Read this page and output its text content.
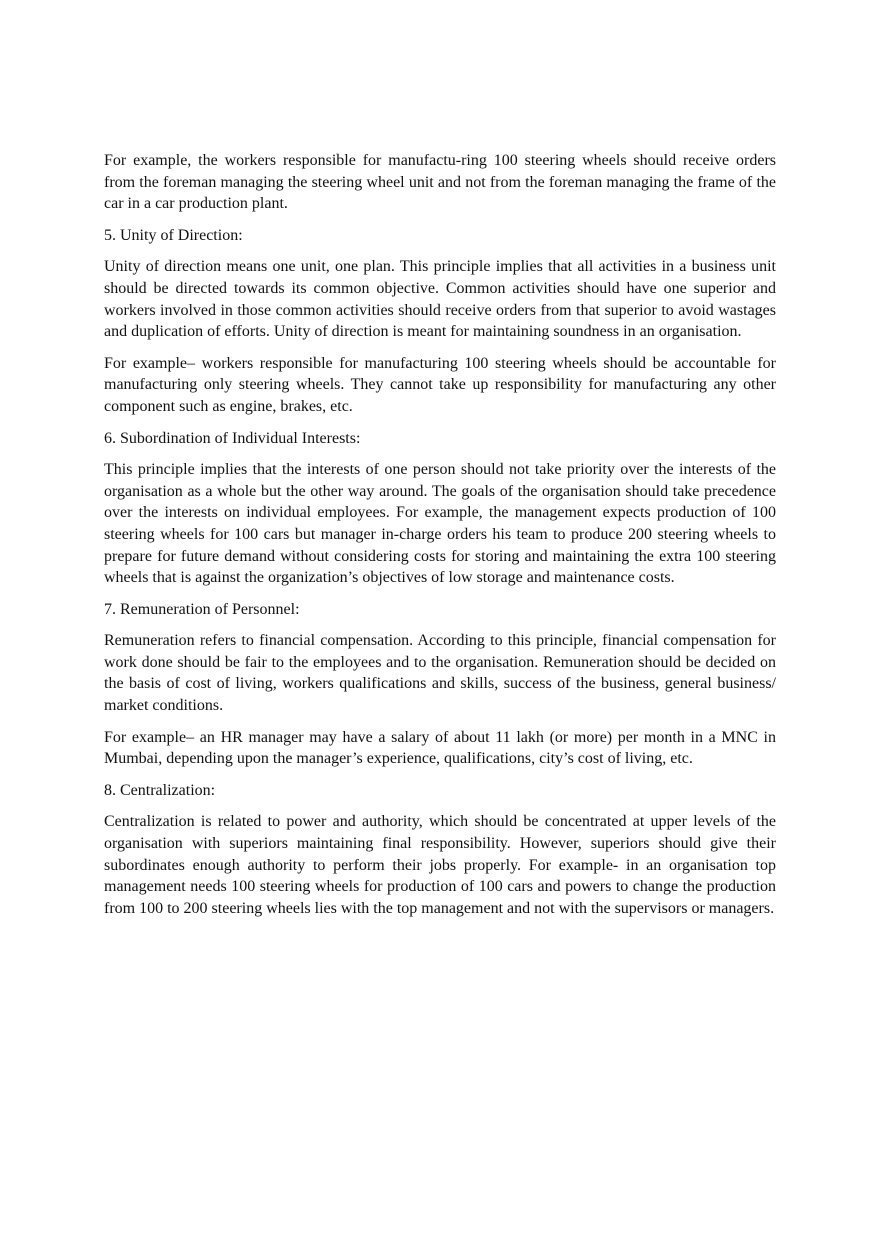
For example, the workers responsible for manufactu-ring 100 steering wheels should receive orders from the foreman managing the steering wheel unit and not from the foreman managing the frame of the car in a car production plant.

5. Unity of Direction:

Unity of direction means one unit, one plan. This principle implies that all activities in a business unit should be directed towards its common objective. Common activities should have one superior and workers involved in those common activities should receive orders from that superior to avoid wastages and duplication of efforts. Unity of direction is meant for maintaining soundness in an organisation.

For example– workers responsible for manufacturing 100 steering wheels should be accountable for manufacturing only steering wheels. They cannot take up responsibility for manufacturing any other component such as engine, brakes, etc.

6. Subordination of Individual Interests:

This principle implies that the interests of one person should not take priority over the interests of the organisation as a whole but the other way around. The goals of the organisation should take precedence over the interests on individual employees. For example, the management expects production of 100 steering wheels for 100 cars but manager in-charge orders his team to produce 200 steering wheels to prepare for future demand without considering costs for storing and maintaining the extra 100 steering wheels that is against the organization’s objectives of low storage and maintenance costs.

7. Remuneration of Personnel:

Remuneration refers to financial compensation. According to this principle, financial compensation for work done should be fair to the employees and to the organisation. Remuneration should be decided on the basis of cost of living, workers qualifications and skills, success of the business, general business/ market conditions.

For example– an HR manager may have a salary of about 11 lakh (or more) per month in a MNC in Mumbai, depending upon the manager’s experience, qualifications, city’s cost of living, etc.

8. Centralization:

Centralization is related to power and authority, which should be concentrated at upper levels of the organisation with superiors maintaining final responsibility. However, superiors should give their subordinates enough authority to perform their jobs properly. For example- in an organisation top management needs 100 steering wheels for production of 100 cars and powers to change the production from 100 to 200 steering wheels lies with the top management and not with the supervisors or managers.
